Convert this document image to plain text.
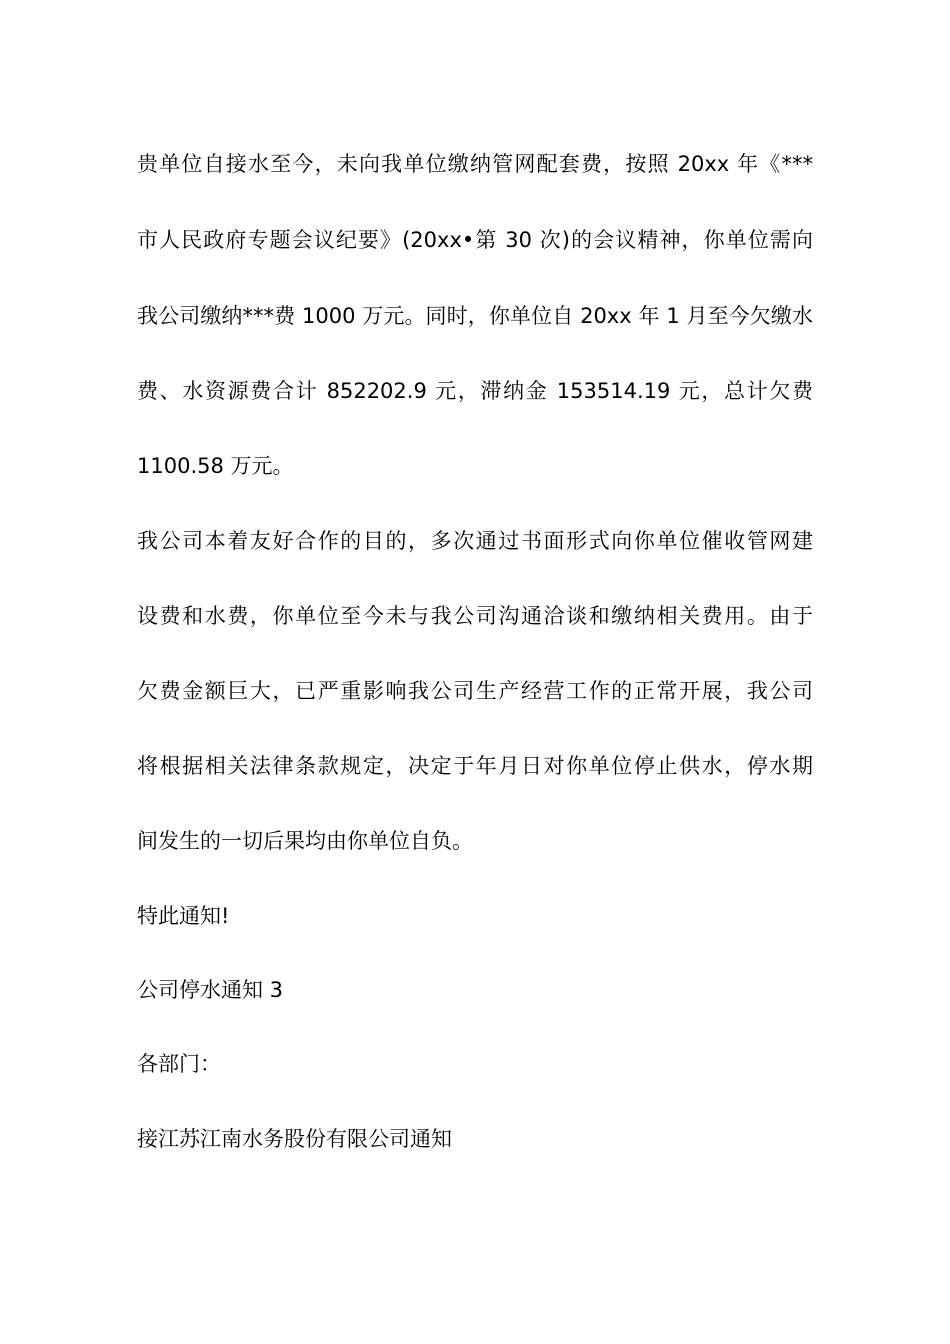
贵单位自接水至今，未向我单位缴纳管网配套费，按照 20xx 年《***

市人民政府专题会议纪要》(20xx•第 30 次)的会议精神，你单位需向

我公司缴纳***费 1000 万元。同时，你单位自 20xx 年 1 月至今欠缴水

费、水资源费合计 852202.9 元，滞纳金 153514.19 元，总计欠费

1100.58 万元。

我公司本着友好合作的目的，多次通过书面形式向你单位催收管网建

设费和水费，你单位至今未与我公司沟通洽谈和缴纳相关费用。由于

欠费金额巨大，已严重影响我公司生产经营工作的正常开展，我公司

将根据相关法律条款规定，决定于年月日对你单位停止供水，停水期

间发生的一切后果均由你单位自负。

特此通知!

公司停水通知 3

各部门：

接江苏江南水务股份有限公司通知
